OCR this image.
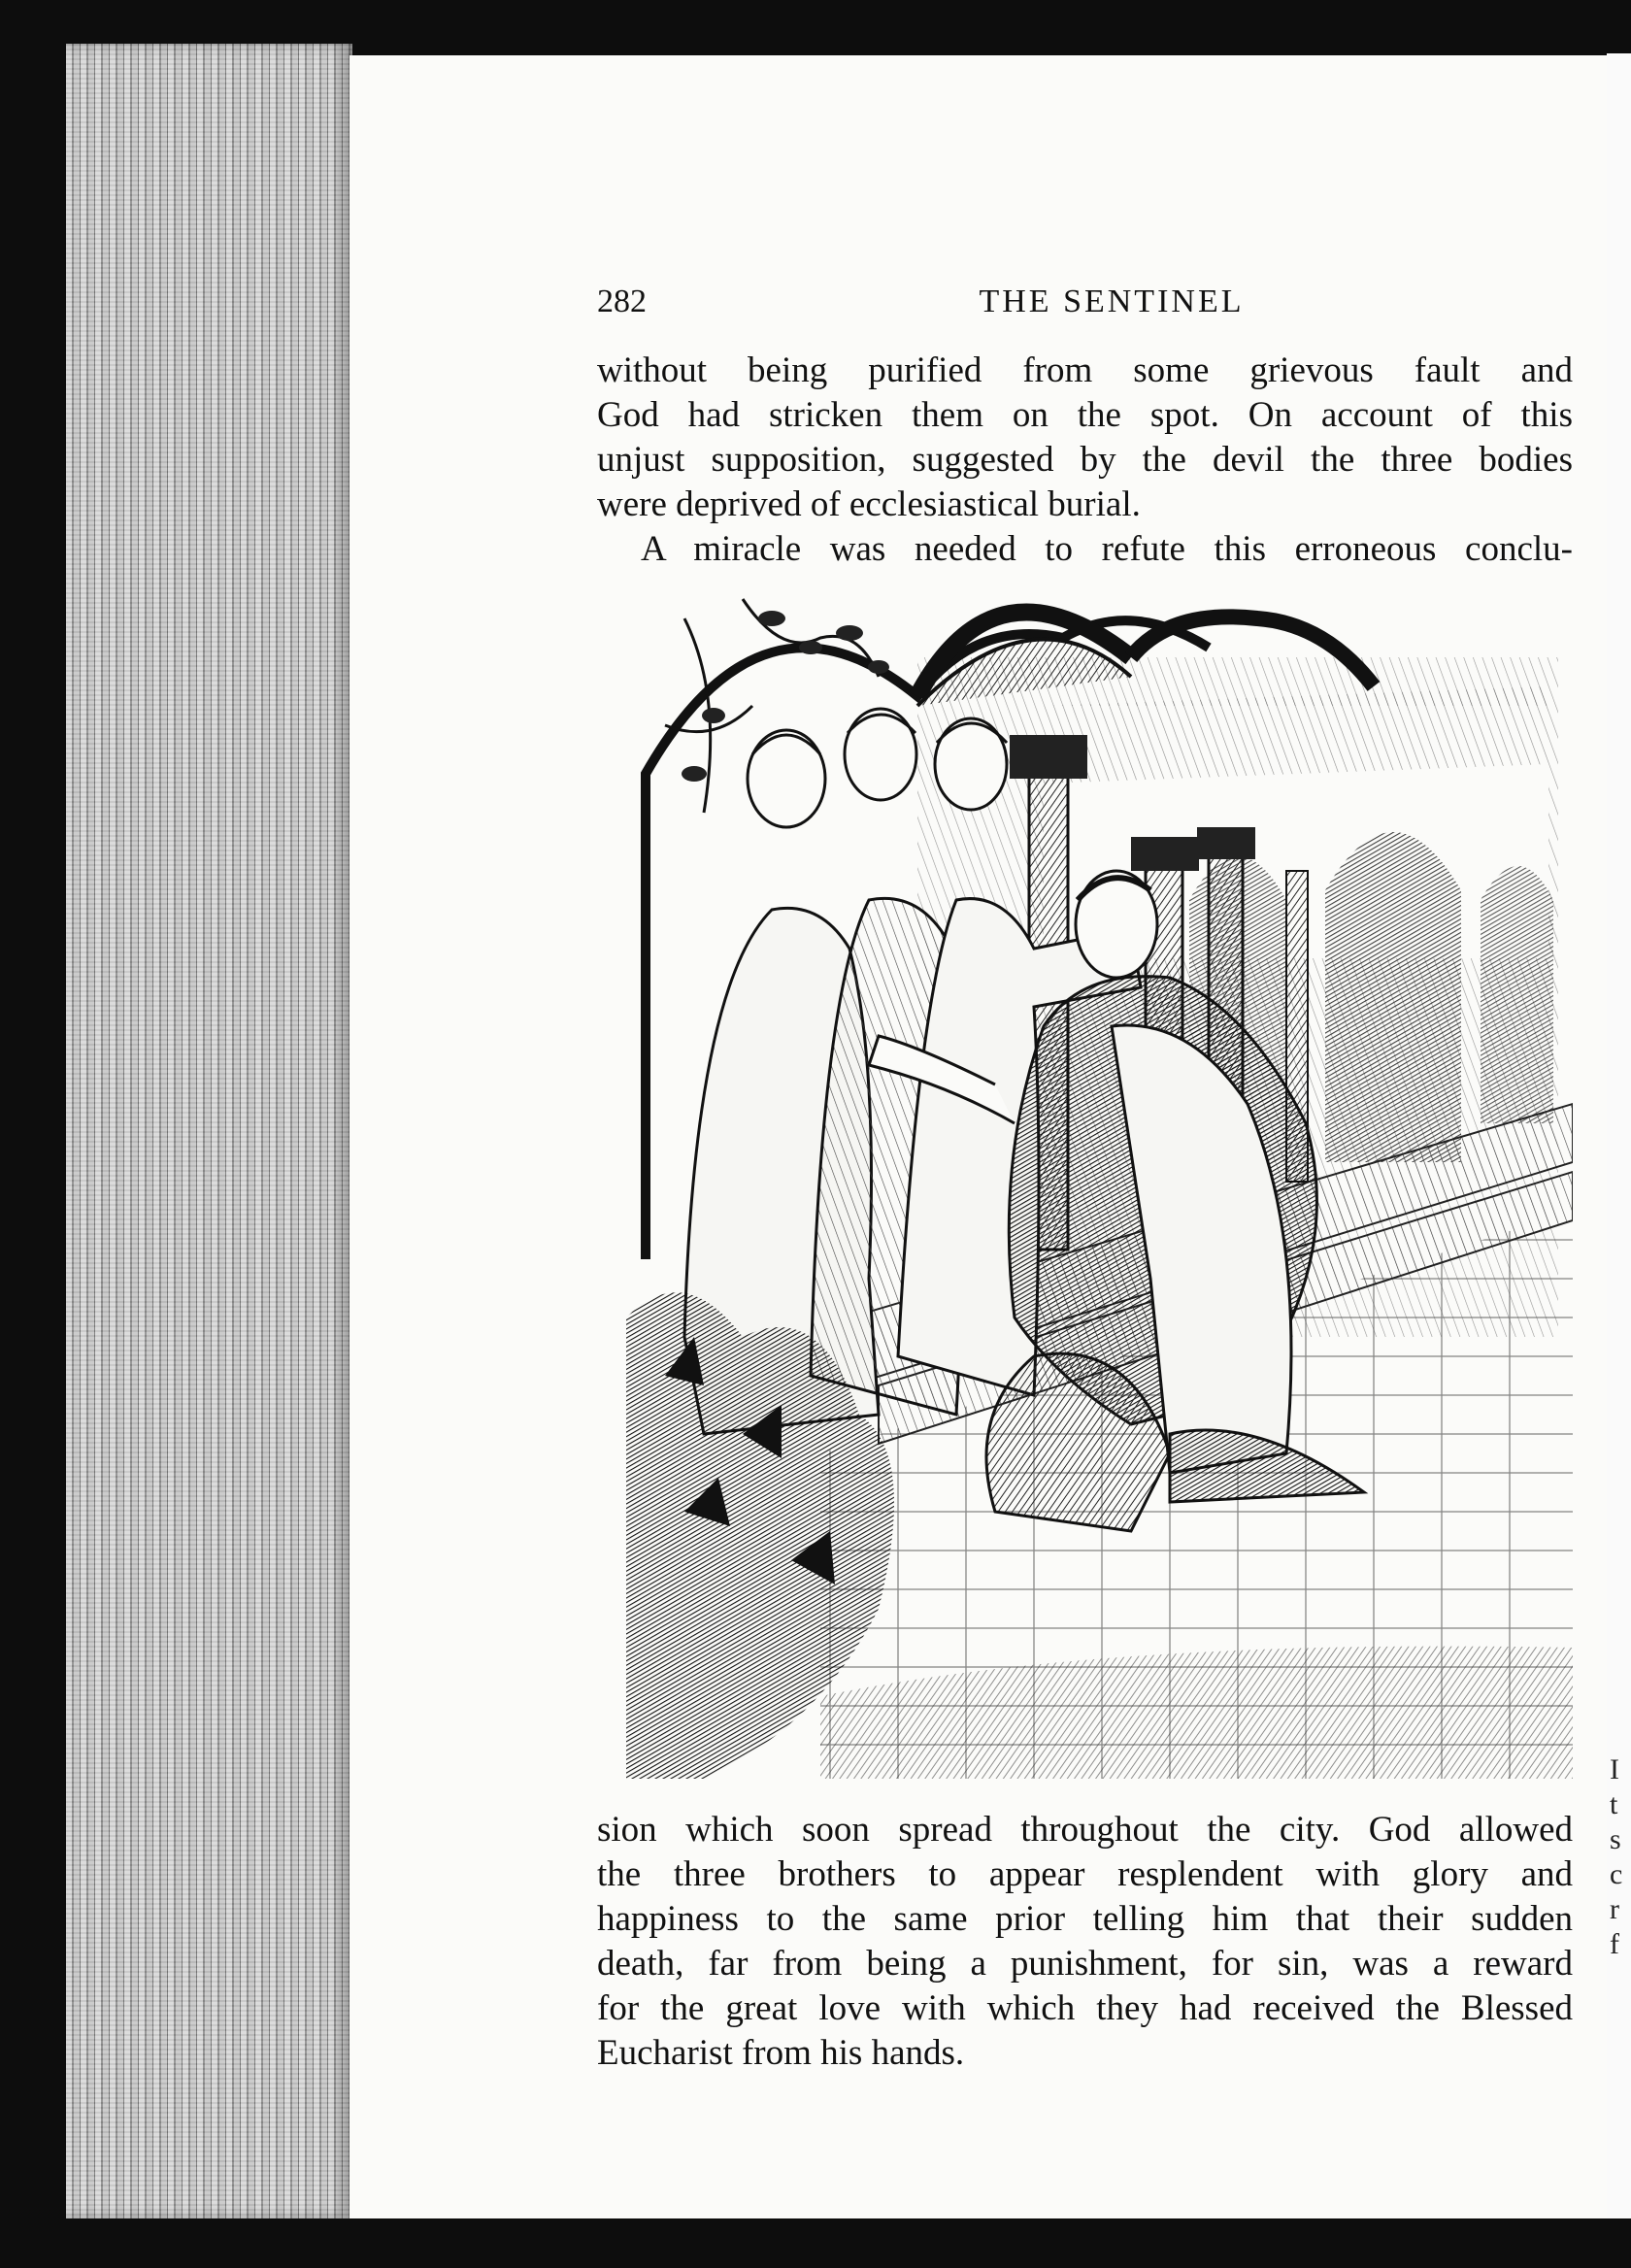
282	THE SENTINEL
without being purified from some grievous fault and
God had stricken them on the spot. On account of this
unjust supposition, suggested by the devil the three bodies
were deprived of ecclesiastical burial.
A miracle was needed to refute this erroneous conclu-
sion which soon spread throughout the city. God allowed
the three brothers to appear resplendent with glory and
happiness to the same prior telling him that their sudden
death, far from being a punishment, for sin, was a reward
for the great love with which they had received the Blessed
Eucharist from his hands.
I
t
s
c
r
f
